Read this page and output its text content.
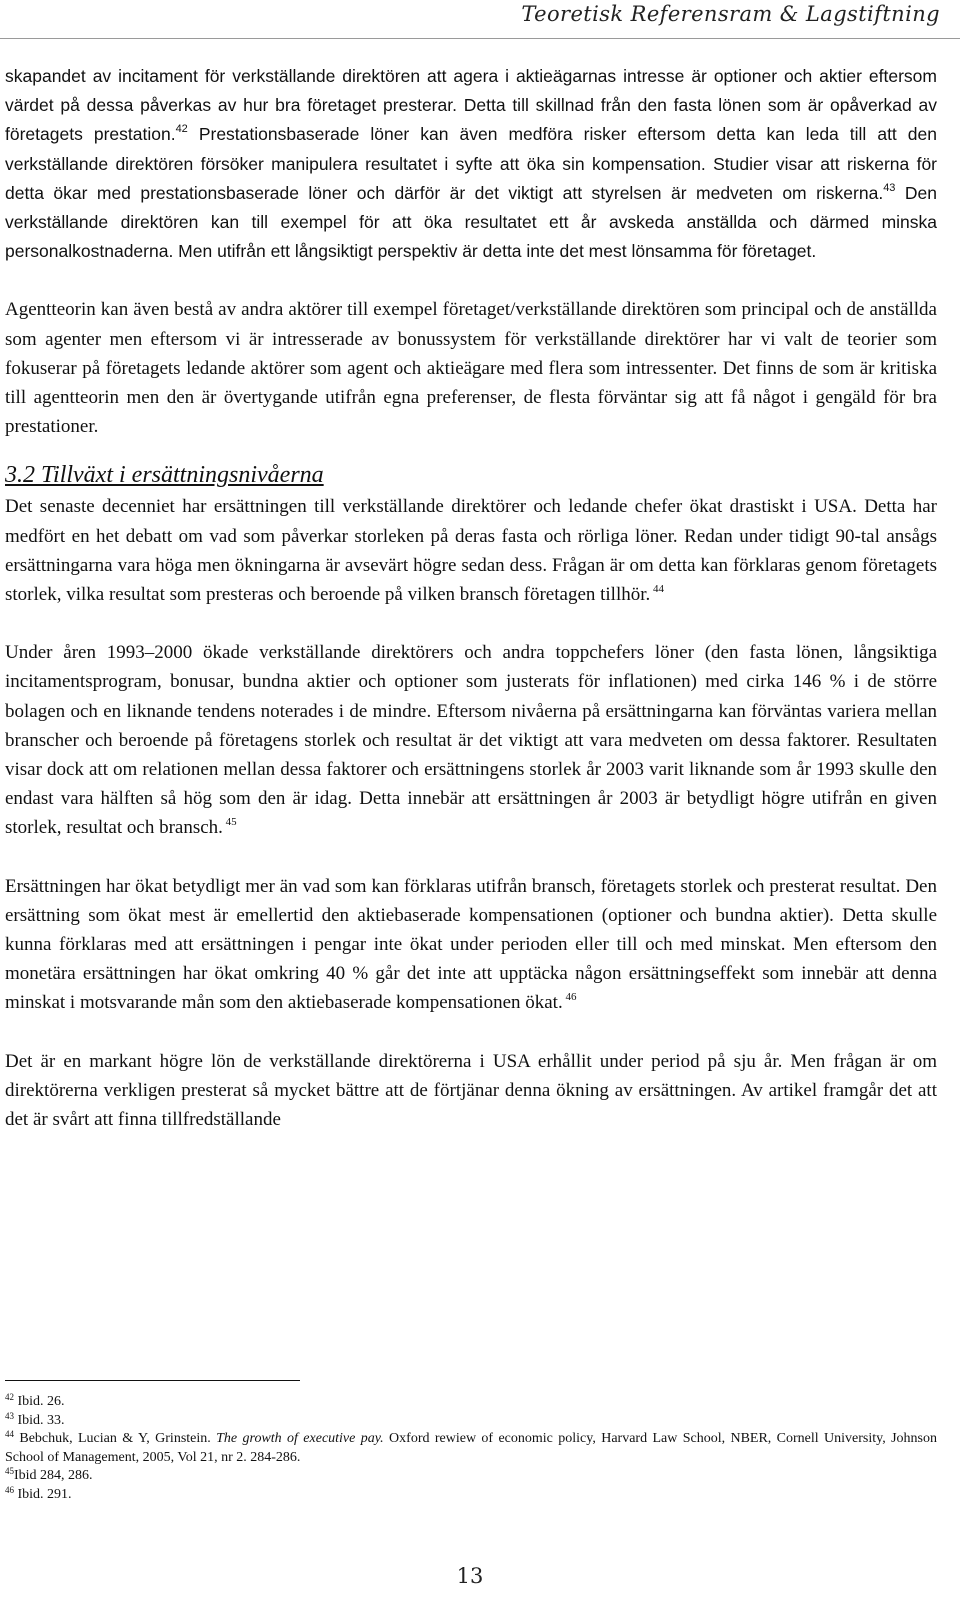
Teoretisk Referensram & Lagstiftning

skapandet av incitament för verkställande direktören att agera i aktieägarnas intresse är optioner och aktier eftersom värdet på dessa påverkas av hur bra företaget presterar. Detta till skillnad från den fasta lönen som är opåverkad av företagets prestation.$^{42}$ Prestationsbaserade löner kan även medföra risker eftersom detta kan leda till att den verkställande direktören försöker manipulera resultatet i syfte att öka sin kompensation. Studier visar att riskerna för detta ökar med prestationsbaserade löner och därför är det viktigt att styrelsen är medveten om riskerna.$^{43}$ Den verkställande direktören kan till exempel för att öka resultatet ett år avskeda anställda och därmed minska personalkostnaderna. Men utifrån ett långsiktigt perspektiv är detta inte det mest lönsamma för företaget.

Agentteorin kan även bestå av andra aktörer till exempel företaget/verkställande direktören som principal och de anställda som agenter men eftersom vi är intresserade av bonussystem för verkställande direktörer har vi valt de teorier som fokuserar på företagets ledande aktörer som agent och aktieägare med flera som intressenter. Det finns de som är kritiska till agentteorin men den är övertygande utifrån egna preferenser, de flesta förväntar sig att få något i gengäld för bra prestationer.

3.2 Tillväxt i ersättningsnivåerna

Det senaste decenniet har ersättningen till verkställande direktörer och ledande chefer ökat drastiskt i USA. Detta har medfört en het debatt om vad som påverkar storleken på deras fasta och rörliga löner. Redan under tidigt 90-tal ansågs ersättningarna vara höga men ökningarna är avsevärt högre sedan dess. Frågan är om detta kan förklaras genom företagets storlek, vilka resultat som presteras och beroende på vilken bransch företagen tillhör. $^{44}$

Under åren 1993–2000 ökade verkställande direktörers och andra toppchefers löner (den fasta lönen, långsiktiga incitamentsprogram, bonusar, bundna aktier och optioner som justerats för inflationen) med cirka 146 % i de större bolagen och en liknande tendens noterades i de mindre. Eftersom nivåerna på ersättningarna kan förväntas variera mellan branscher och beroende på företagens storlek och resultat är det viktigt att vara medveten om dessa faktorer. Resultaten visar dock att om relationen mellan dessa faktorer och ersättningens storlek år 2003 varit liknande som år 1993 skulle den endast vara hälften så hög som den är idag. Detta innebär att ersättningen år 2003 är betydligt högre utifrån en given storlek, resultat och bransch. $^{45}$

Ersättningen har ökat betydligt mer än vad som kan förklaras utifrån bransch, företagets storlek och presterat resultat. Den ersättning som ökat mest är emellertid den aktiebaserade kompensationen (optioner och bundna aktier). Detta skulle kunna förklaras med att ersättningen i pengar inte ökat under perioden eller till och med minskat. Men eftersom den monetära ersättningen har ökat omkring 40 % går det inte att upptäcka någon ersättningseffekt som innebär att denna minskat i motsvarande mån som den aktiebaserade kompensationen ökat. $^{46}$

Det är en markant högre lön de verkställande direktörerna i USA erhållit under period på sju år. Men frågan är om direktörerna verkligen presterat så mycket bättre att de förtjänar denna ökning av ersättningen. Av artikel framgår det att det är svårt att finna tillfredställande

$^{42}$ Ibid. 26.

$^{43}$ Ibid. 33.

$^{44}$ Bebchuk, Lucian & Y, Grinstein. The growth of executive pay. Oxford rewiew of economic policy, Harvard Law School, NBER, Cornell University, Johnson School of Management, 2005, Vol 21, nr 2. 284-286.

$^{45}$Ibid 284, 286.

$^{46}$ Ibid. 291.

13
